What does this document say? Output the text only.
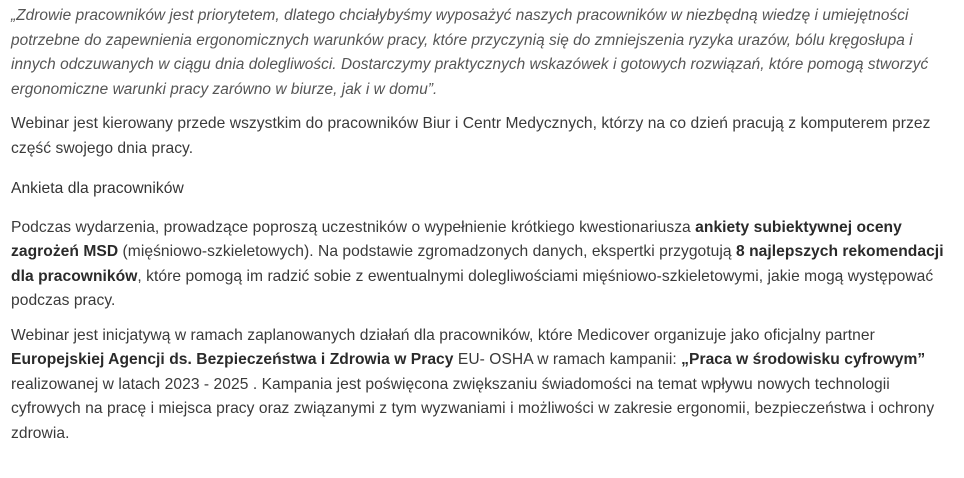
„Zdrowie pracowników jest priorytetem, dlatego chciałybyśmy wyposażyć naszych pracowników w niezbędną wiedzę i umiejętności potrzebne do zapewnienia ergonomicznych warunków pracy, które przyczynią się do zmniejszenia ryzyka urazów, bólu kręgosłupa i innych odczuwanych w ciągu dnia dolegliwości. Dostarczymy praktycznych wskazówek i gotowych rozwiązań, które pomogą stworzyć ergonomiczne warunki pracy zarówno w biurze, jak i w domu”.

Webinar jest kierowany przede wszystkim do pracowników Biur i Centr Medycznych, którzy na co dzień pracują z komputerem przez część swojego dnia pracy.

Ankieta dla pracowników

Podczas wydarzenia, prowadzące poproszą uczestników o wypełnienie krótkiego kwestionariusza ankiety subiektywnej oceny zagrożeń MSD (mięśniowo-szkieletowych). Na podstawie zgromadzonych danych, ekspertki przygotują 8 najlepszych rekomendacji dla pracowników, które pomogą im radzić sobie z ewentualnymi dolegliwościami mięśniowo-szkieletowymi, jakie mogą występować podczas pracy.

Webinar jest inicjatywą w ramach zaplanowanych działań dla pracowników, które Medicover organizuje jako oficjalny partner Europejskiej Agencji ds. Bezpieczeństwa i Zdrowia w Pracy EU- OSHA w ramach kampanii: „Praca w środowisku cyfrowym” realizowanej w latach 2023 - 2025 . Kampania jest poświęcona zwiększaniu świadomości na temat wpływu nowych technologii cyfrowych na pracę i miejsca pracy oraz związanymi z tym wyzwaniami i możliwości w zakresie ergonomii, bezpieczeństwa i ochrony zdrowia.
